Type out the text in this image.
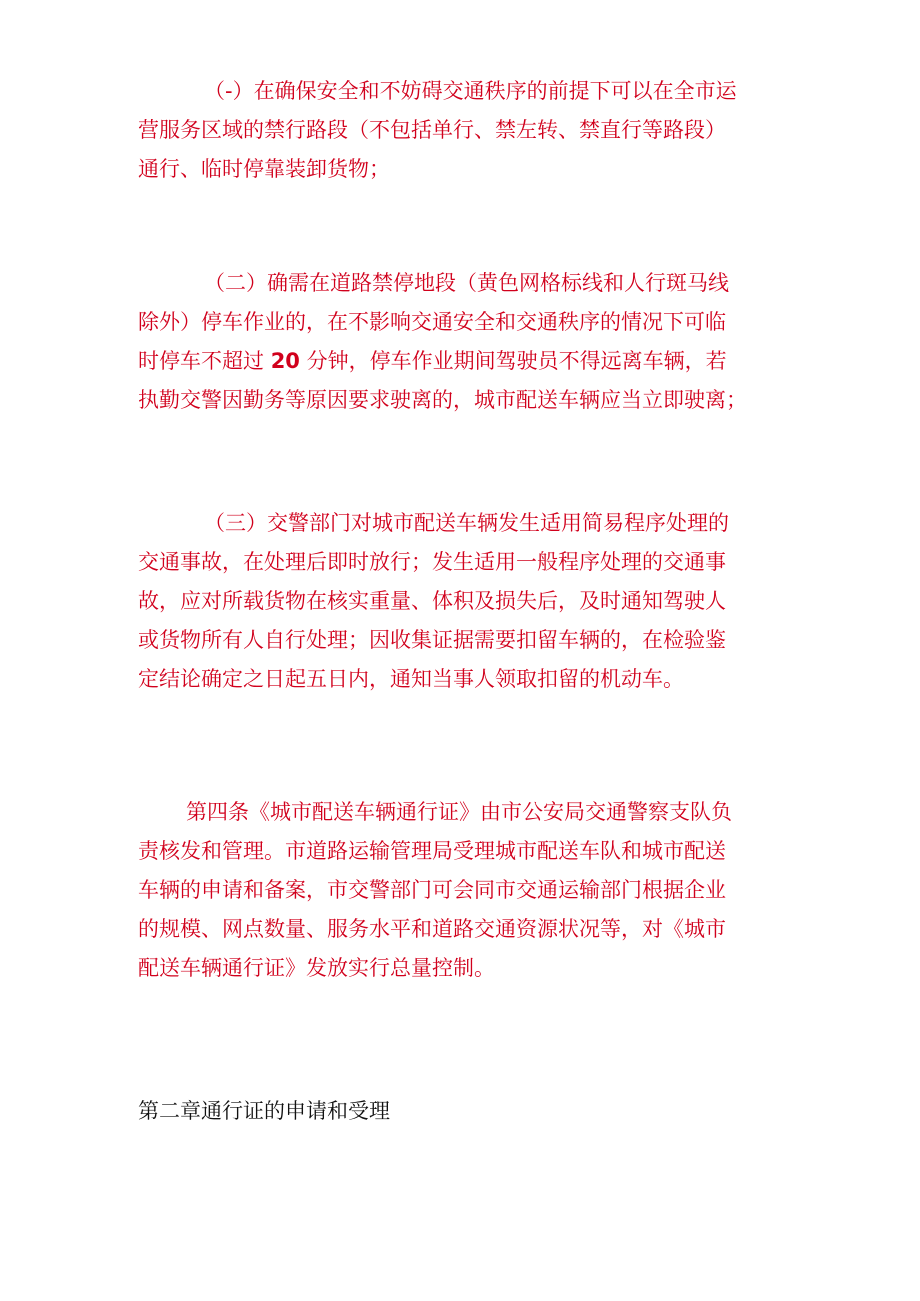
（-）在确保安全和不妨碍交通秩序的前提下可以在全市运
营服务区域的禁行路段（不包括单行、禁左转、禁直行等路段）
通行、临时停靠装卸货物；
（二）确需在道路禁停地段（黄色网格标线和人行斑马线
除外）停车作业的，在不影响交通安全和交通秩序的情况下可临
时停车不超过 20 分钟，停车作业期间驾驶员不得远离车辆，若
执勤交警因勤务等原因要求驶离的，城市配送车辆应当立即驶离；
（三）交警部门对城市配送车辆发生适用简易程序处理的
交通事故，在处理后即时放行；发生适用一般程序处理的交通事
故，应对所载货物在核实重量、体积及损失后，及时通知驾驶人
或货物所有人自行处理；因收集证据需要扣留车辆的，在检验鉴
定结论确定之日起五日内，通知当事人领取扣留的机动车。
第四条《城市配送车辆通行证》由市公安局交通警察支队负
责核发和管理。市道路运输管理局受理城市配送车队和城市配送
车辆的申请和备案，市交警部门可会同市交通运输部门根据企业
的规模、网点数量、服务水平和道路交通资源状况等，对《城市
配送车辆通行证》发放实行总量控制。
第二章通行证的申请和受理
